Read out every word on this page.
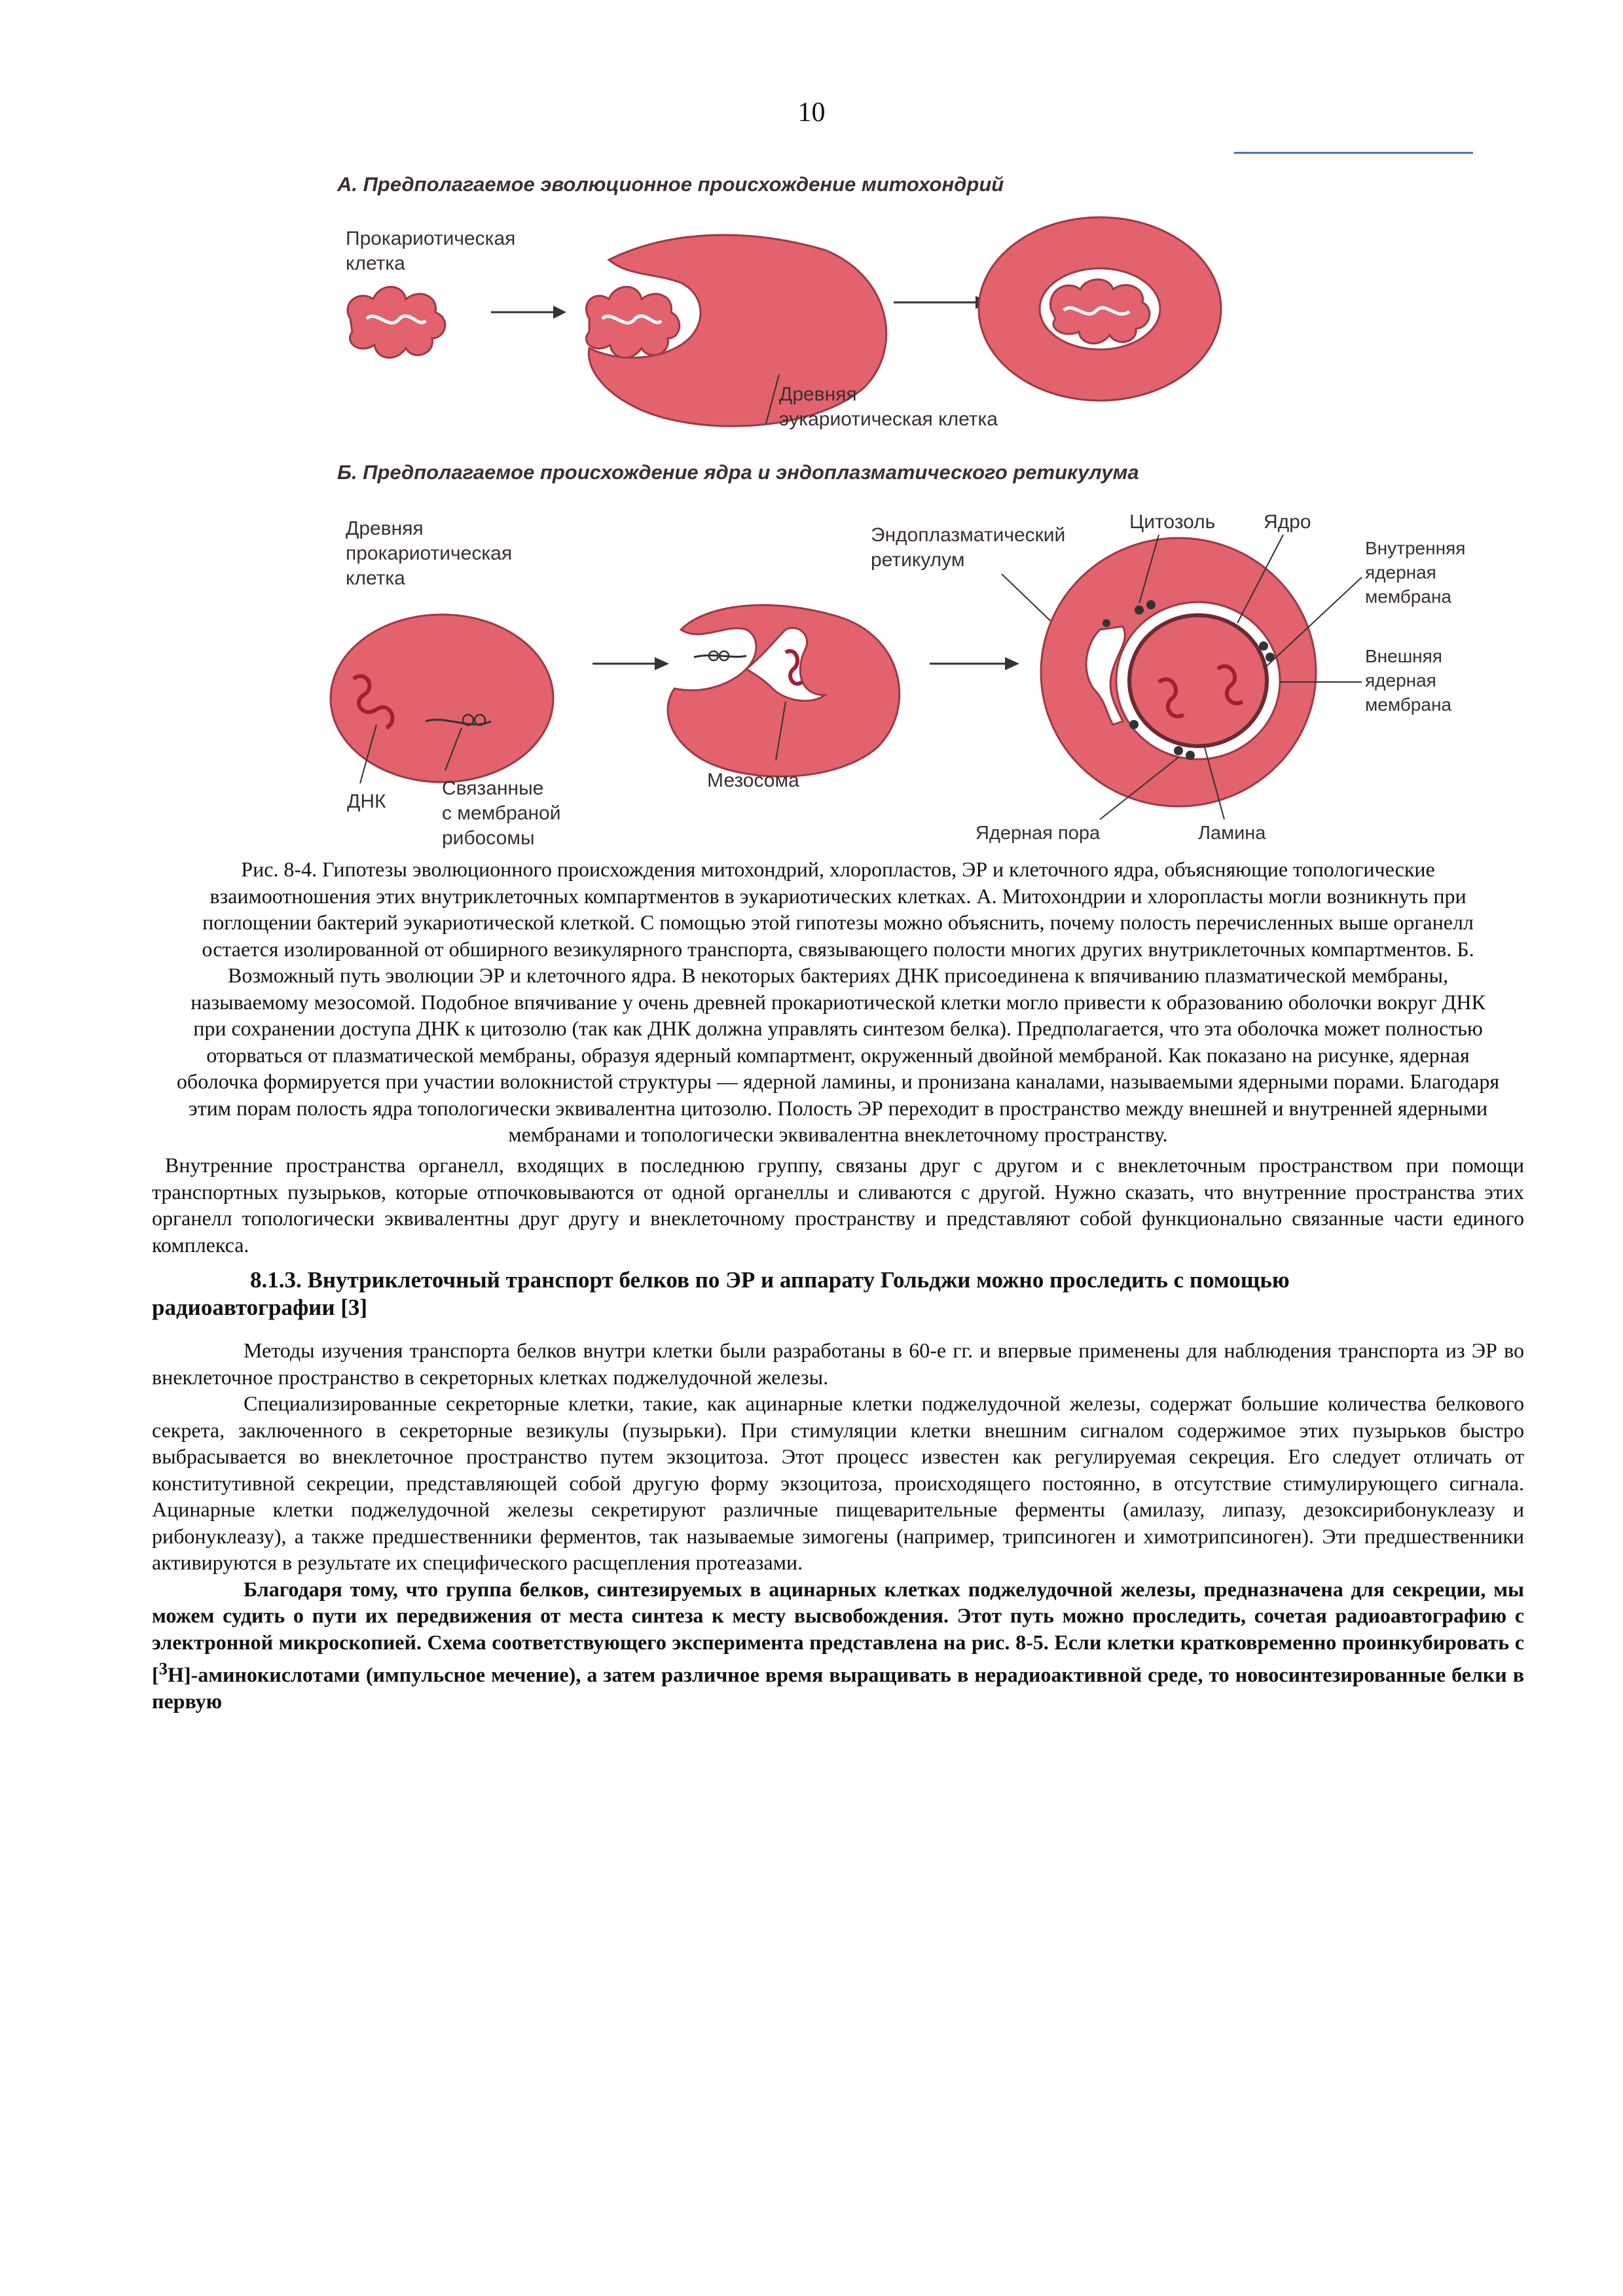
10
А. Предполагаемое эволюционное происхождение митохондрий
Прокариотическая
клетка
Древняя
эукариотическая клетка
Б. Предполагаемое происхождение ядра и эндоплазматического ретикулума
Древняя
прокариотическая
клетка
ДНК
Связанные
с мембраной
рибосомы
Мезосома
Эндоплазматический
ретикулум
Цитозоль Ядро
Внутренняя
ядерная
мембрана
Внешняя
ядерная
мембрана
Ядерная пора	Ламина

Рис. 8-4. Гипотезы эволюционного происхождения митохондрий, хлоропластов, ЭР и клеточного ядра, объясняющие топологические

взаимоотношения этих внутриклеточных компартментов в эукариотических клетках. А. Митохондрии и хлоропласты могли возникнуть при

поглощении бактерий эукариотической клеткой. С помощью этой гипотезы можно объяснить, почему полость перечисленных выше органелл

остается изолированной от обширного везикулярного транспорта, связывающего полости многих других внутриклеточных компартментов. Б.

Возможный путь эволюции ЭР и клеточного ядра. В некоторых бактериях ДНК присоединена к впячиванию плазматической мембраны,

называемому мезосомой. Подобное впячивание у очень древней прокариотической клетки могло привести к образованию оболочки вокруг ДНК

при сохранении доступа ДНК к цитозолю (так как ДНК должна управлять синтезом белка). Предполагается, что эта оболочка может полностью

оторваться от плазматической мембраны, образуя ядерный компартмент, окруженный двойной мембраной. Как показано на рисунке, ядерная

оболочка формируется при участии волокнистой структуры — ядерной ламины, и пронизана каналами, называемыми ядерными порами. Благодаря

этим порам полость ядра топологически эквивалентна цитозолю. Полость ЭР переходит в пространство между внешней и внутренней ядерными

мембранами и топологически эквивалентна внеклеточному пространству.

Внутренние пространства органелл, входящих в последнюю группу, связаны друг с другом и с внеклеточным пространством при помощи транспортных пузырьков, которые отпочковываются от одной органеллы и сливаются с другой. Нужно сказать, что внутренние пространства этих органелл топологически эквивалентны друг другу и внеклеточному пространству и представляют собой функционально связанные части единого комплекса.

8.1.3. Внутриклеточный транспорт белков по ЭР и аппарату Гольджи можно проследить с помощью
радиоавтографии [3]

Методы изучения транспорта белков внутри клетки были разработаны в 60-е гг. и впервые применены для наблюдения транспорта из ЭР во внеклеточное пространство в секреторных клетках поджелудочной железы.

Специализированные секреторные клетки, такие, как ацинарные клетки поджелудочной железы, содержат большие количества белкового секрета, заключенного в секреторные везикулы (пузырьки). При стимуляции клетки внешним сигналом содержимое этих пузырьков быстро выбрасывается во внеклеточное пространство путем экзоцитоза. Этот процесс известен как регулируемая секреция. Его следует отличать от конститутивной секреции, представляющей собой другую форму экзоцитоза, происходящего постоянно, в отсутствие стимулирующего сигнала. Ацинарные клетки поджелудочной железы секретируют различные пищеварительные ферменты (амилазу, липазу, дезоксирибонуклеазу и рибонуклеазу), а также предшественники ферментов, так называемые зимогены (например, трипсиноген и химотрипсиноген). Эти предшественники активируются в результате их специфического расщепления протеазами.

Благодаря тому, что группа белков, синтезируемых в ацинарных клетках поджелудочной железы, предназначена для секреции, мы можем судить о пути их передвижения от места синтеза к месту высвобождения. Этот путь можно проследить, сочетая радиоавтографию с электронной микроскопией. Схема соответствующего эксперимента представлена на рис. 8-5. Если клетки кратковременно проинкубировать с [$^3$H]-аминокислотами (импульсное мечение), а затем различное время выращивать в нерадиоактивной среде, то новосинтезированные белки в первую
